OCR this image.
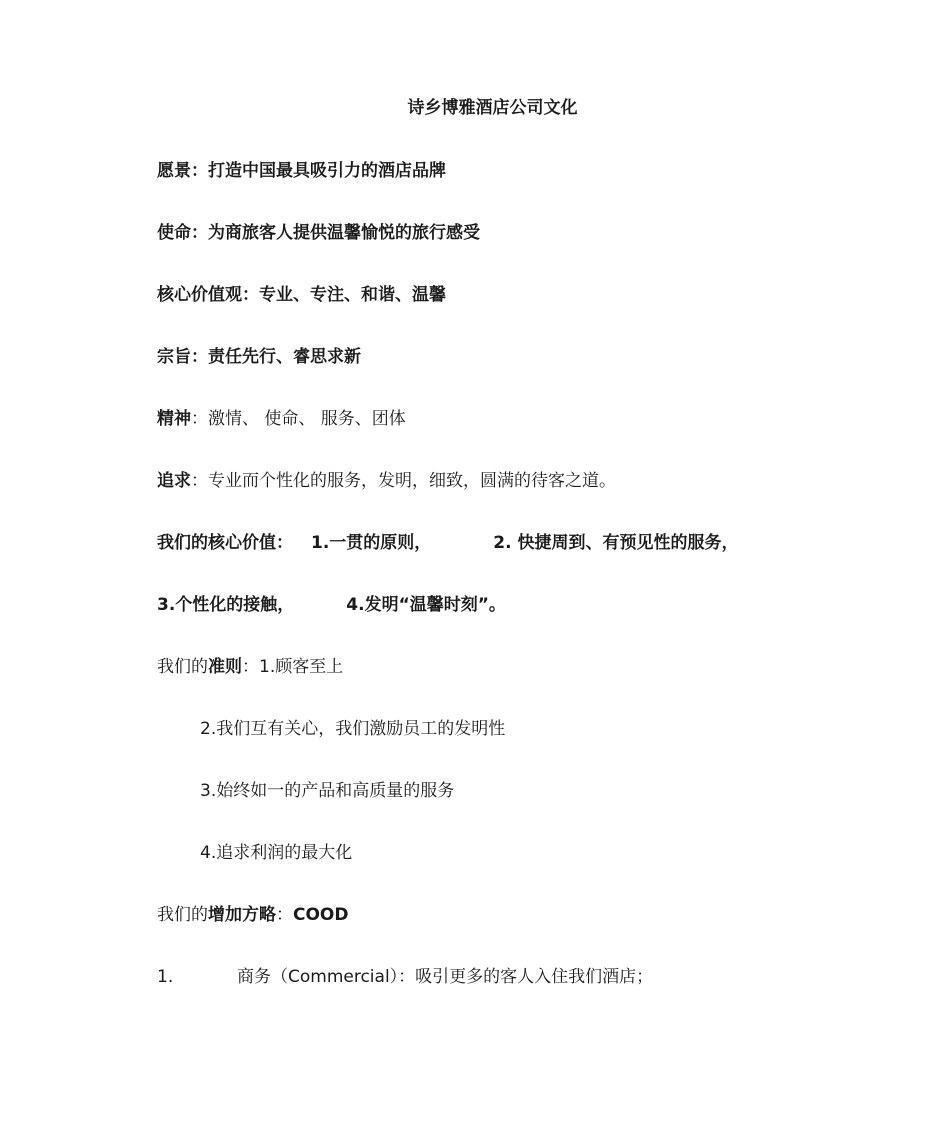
诗乡博雅酒店公司文化
愿景：打造中国最具吸引力的酒店品牌
使命：为商旅客人提供温馨愉悦的旅行感受
核心价值观：专业、专注、和谐、温馨
宗旨：责任先行、睿思求新
精神：激情、 使命、 服务、团体
追求：专业而个性化的服务，发明，细致，圆满的待客之道。
我们的核心价值： 1.一贯的原则，	2. 快捷周到、有预见性的服务，
3.个性化的接触，	4.发明“温馨时刻”。
我们的准则：1.顾客至上
2.我们互有关心，我们激励员工的发明性
3.始终如一的产品和高质量的服务
4.追求利润的最大化
我们的增加方略：COOD
1.	商务（Commercial）：吸引更多的客人入住我们酒店；
